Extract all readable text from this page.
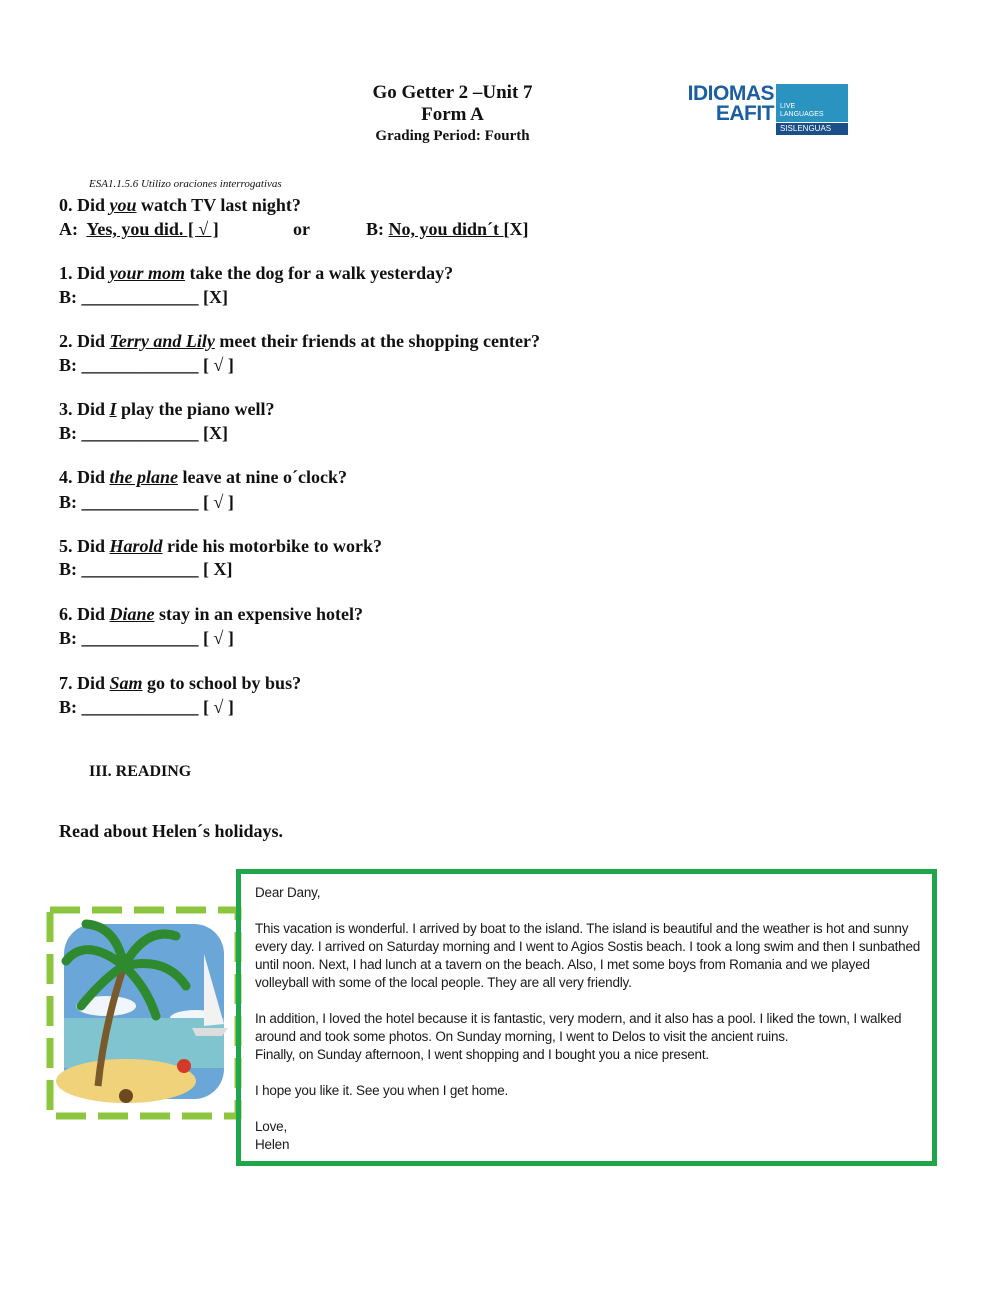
Go Getter 2 –Unit 7
Form A
Grading Period: Fourth
IDIOMAS
EAFIT LIVE
LANGUAGES
SISLENGUAS
ESA1.1.5.6 Utilizo oraciones interrogativas
0. Did you watch TV last night?
A:  Yes, you did. [ √ ]	or	B: No, you didn´t [X]
1. Did your mom take the dog for a walk yesterday?
B: _____________ [X]
2. Did Terry and Lily meet their friends at the shopping center?
B: _____________ [ √ ]
3. Did I play the piano well?
B: _____________ [X]
4. Did the plane leave at nine o´clock?
B: _____________ [ √ ]
5. Did Harold ride his motorbike to work?
B: _____________ [ X]
6. Did Diane stay in an expensive hotel?
B: _____________ [ √ ]
7. Did Sam go to school by bus?
B: _____________ [ √ ]
III. READING
Read about Helen´s holidays.

Dear Dany,

This vacation is wonderful. I arrived by boat to the island. The island is beautiful and the weather is hot and sunny every day. I arrived on Saturday morning and I went to Agios Sostis beach. I took a long swim and then I sunbathed until noon. Next, I had lunch at a tavern on the beach. Also, I met some boys from Romania and we played volleyball with some of the local people. They are all very friendly.

In addition, I loved the hotel because it is fantastic, very modern, and it also has a pool. I liked the town, I walked around and took some photos. On Sunday morning, I went to Delos to visit the ancient ruins.

Finally, on Sunday afternoon, I went shopping and I bought you a nice present.

I hope you like it. See you when I get home.

Love,

Helen
